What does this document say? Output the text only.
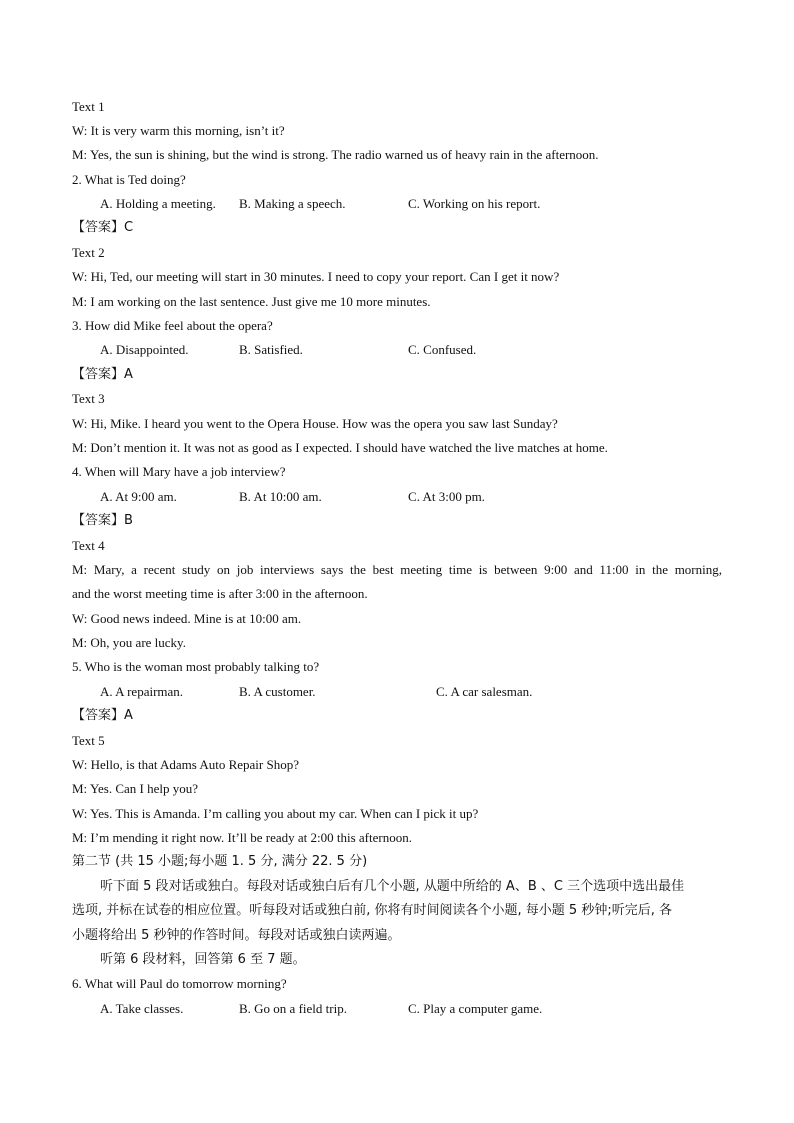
Text 1
W: It is very warm this morning, isn’t it?
M: Yes, the sun is shining, but the wind is strong. The radio warned us of heavy rain in the afternoon.
2. What is Ted doing?
A. Holding a meeting. B. Making a speech.	C. Working on his report.
【答案】C
Text 2
W: Hi, Ted, our meeting will start in 30 minutes. I need to copy your report. Can I get it now?
M: I am working on the last sentence. Just give me 10 more minutes.
3. How did Mike feel about the opera?
A. Disappointed.	B. Satisfied.	C. Confused.
【答案】A
Text 3
W: Hi, Mike. I heard you went to the Opera House. How was the opera you saw last Sunday?
M: Don’t mention it. It was not as good as I expected. I should have watched the live matches at home.
4. When will Mary have a job interview?
A. At 9:00 am.	B. At 10:00 am.	C. At 3:00 pm.
【答案】B
Text 4
M: Mary, a recent study on job interviews says the best meeting time is between 9:00 and 11:00 in the morning,
and the worst meeting time is after 3:00 in the afternoon.
W: Good news indeed. Mine is at 10:00 am.
M: Oh, you are lucky.
5. Who is the woman most probably talking to?
A. A repairman.	B. A customer.	C. A car salesman.
【答案】A
Text 5
W: Hello, is that Adams Auto Repair Shop?
M: Yes. Can I help you?
W: Yes. This is Amanda. I’m calling you about my car. When can I pick it up?
M: I’m mending it right now. It’ll be ready at 2:00 this afternoon.
第二节 (共 15 小题;每小题 1. 5 分, 满分 22. 5 分)
听下面 5 段对话或独白。每段对话或独白后有几个小题, 从题中所给的 A、B 、C 三个选项中选出最佳
选项, 并标在试卷的相应位置。听每段对话或独白前, 你将有时间阅读各个小题, 每小题 5 秒钟;听完后, 各
小题将给出 5 秒钟的作答时间。每段对话或独白读两遍。
听第 6 段材料，回答第 6 至 7 题。
6. What will Paul do tomorrow morning?
A. Take classes.	B. Go on a field trip.	C. Play a computer game.
